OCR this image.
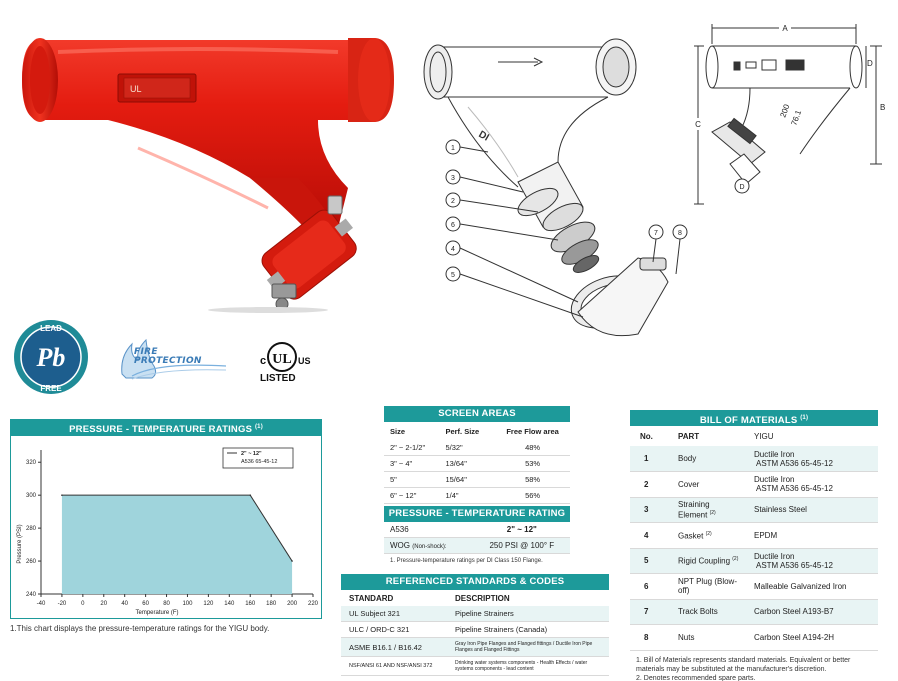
UL
DI
1
3
2
6
4
5
7	8
A
200
76.1
C
B
D
D
LEAD
Pb
FREE
FIRE
PROTECTION	UL
c	US
LISTED
PRESSURE - TEMPERATURE RATINGS $^{(1)}$
240
260
280
300
320
-40 -20 0	20 40 60 80 100 120 140 160 180 200 220
2" ~ 12"
A536 65-45-12
Temperature (F)
Pressure (PSI)
1.This chart displays the pressure-temperature ratings for the YIGU body.
SCREEN AREAS
Size	Perf. Size	Free Flow area
2" ~ 2-1/2"	5/32"	48%
3" ~ 4"	13/64"	53%
5"	15/64"	58%
6" ~ 12"	1/4"	56%
PRESSURE - TEMPERATURE RATING $^{(1)}$
A536	2" ~ 12"
WOG (Non-shock):	250 PSI @ 100° F
1. Pressure-temperature ratings per DI Class 150 Flange.
REFERENCED STANDARDS & CODES
STANDARD	DESCRIPTION
UL Subject 321	Pipeline Strainers
ULC / ORD-C 321	Pipeline Strainers (Canada)
ASME B16.1 / B16.42	Gray Iron Pipe Flanges and Flanged fittings / Ductile Iron Pipe Flanges and Flanged Fittings
NSF/ANSI 61 AND NSF/ANSI 372	Drinking water systems components - Health Effects / water systems components - lead content
BILL OF MATERIALS $^{(1)}$
No.	PART	YIGU
1	Body	Ductile Iron
ASTM A536 65-45-12

2	Cover	Ductile Iron
ASTM A536 65-45-12

3	Straining Element $^{(2)}$	Stainless Steel

4	Gasket $^{(2)}$	EPDM

5	Rigid Coupling $^{(2)}$	Ductile Iron
ASTM A536 65-45-12

6	NPT Plug (Blow-off)	Malleable Galvanized Iron

7	Track Bolts	Carbon Steel A193-B7

8	Nuts	Carbon Steel A194-2H
1. Bill of Materials represents standard materials. Equivalent or better materials may be substituted at the manufacturer's discretion.
2. Denotes recommended spare parts.
